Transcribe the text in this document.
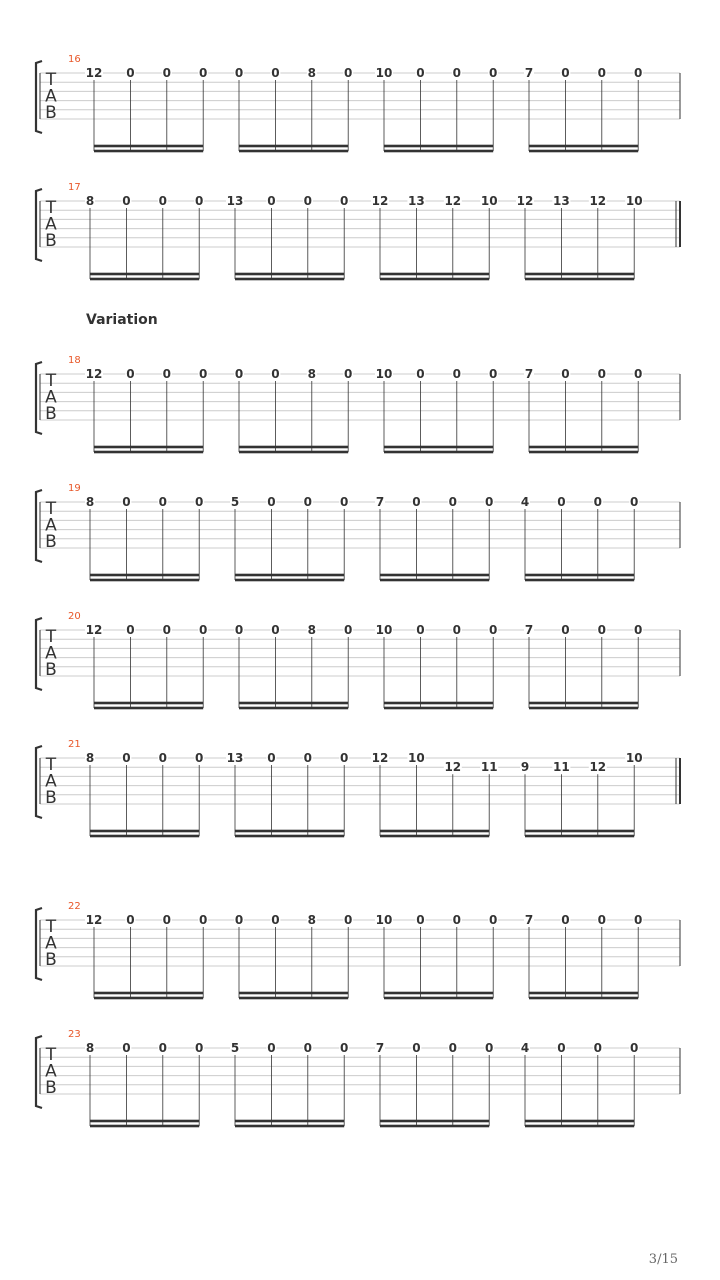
Variation
3/15
16
T
A
B
12 0 0 0 0 0 8 0 10 0 0 0 7 0 0 0
17
T
A
B
8 0 0 0 13 0 0 0 12 13 12 10 12 13 12 10
18
T
A
B
12 0 0 0 0 0 8 0 10 0 0 0 7 0 0 0
19
T
A
B
8 0 0 0 5 0 0 0 7 0 0 0 4 0 0 0
20
T
A
B
12 0 0 0 0 0 8 0 10 0 0 0 7 0 0 0
21
T
A
B
8 0 0 0 13 0 0 0 12 10
12 11 9 11 12
10
22
T
A
B
12 0 0 0 0 0 8 0 10 0 0 0 7 0 0 0
23
T
A
B
8 0 0 0 5 0 0 0 7 0 0 0 4 0 0 0
